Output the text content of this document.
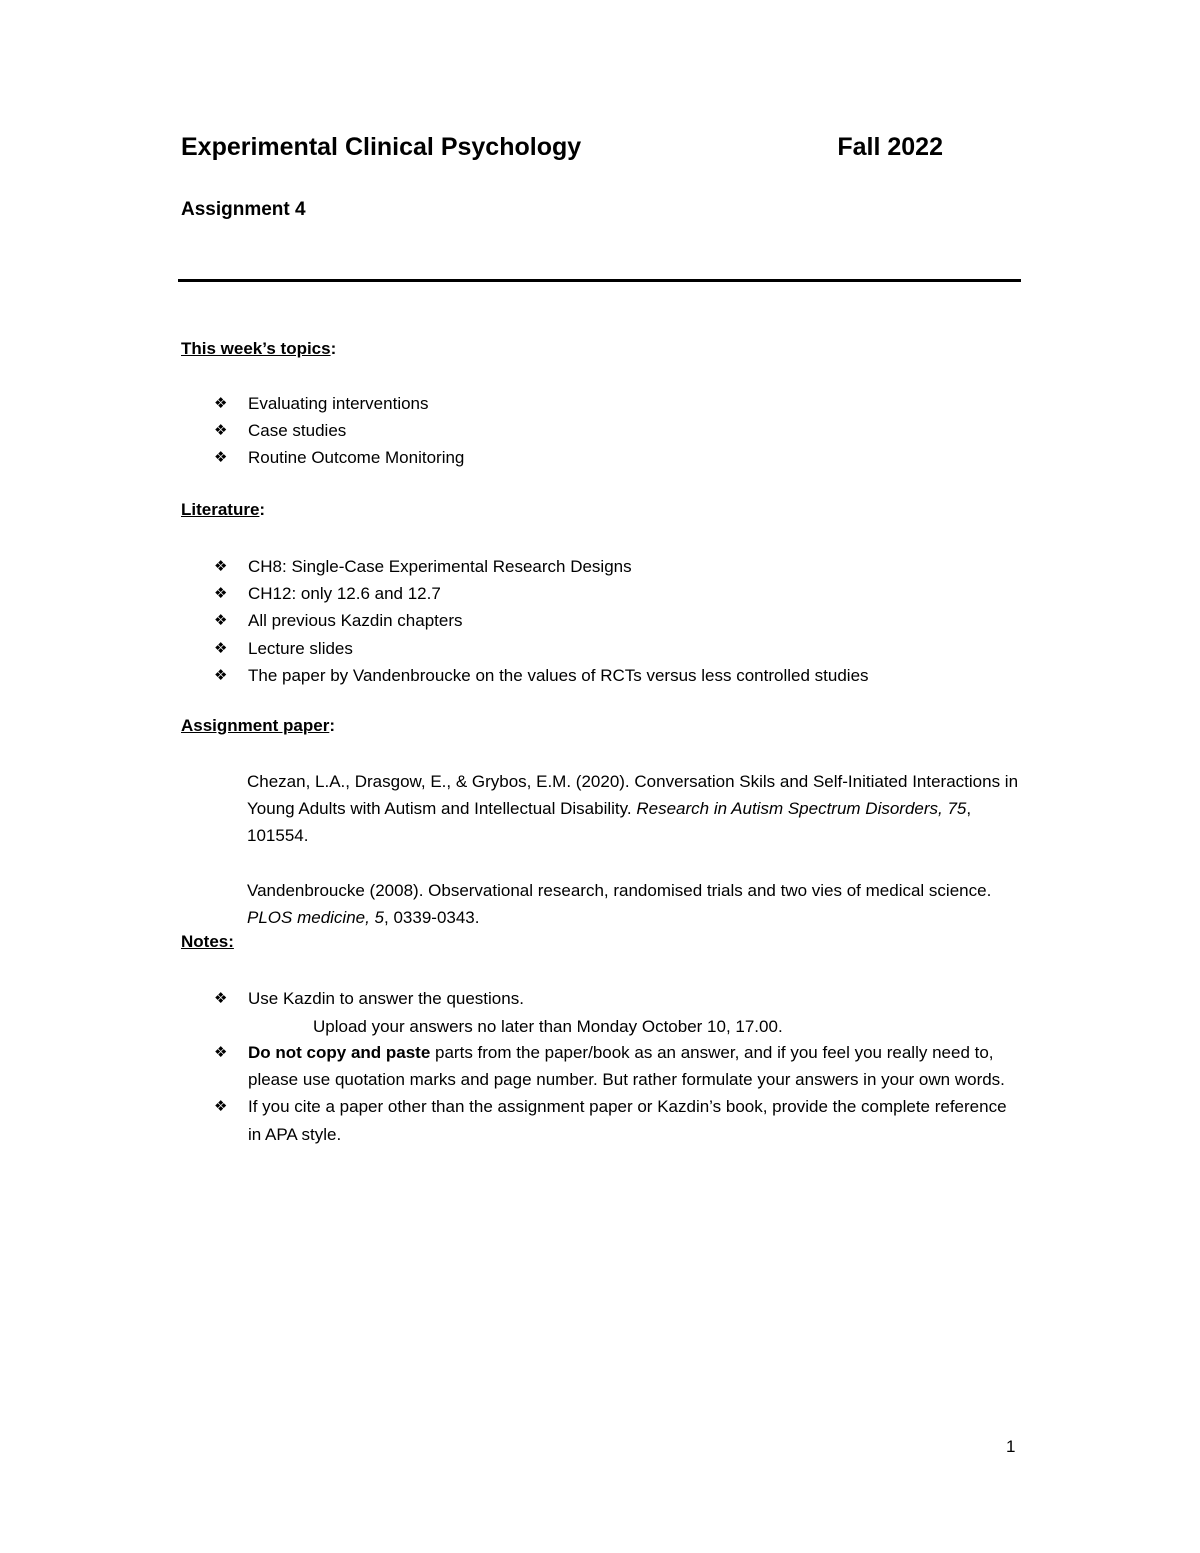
Experimental Clinical Psychology	Fall 2022
Assignment 4
This week’s topics:
❖ Evaluating interventions
❖ Case studies
❖ Routine Outcome Monitoring
Literature:
❖ CH8: Single-Case Experimental Research Designs
❖ CH12: only 12.6 and 12.7
❖ All previous Kazdin chapters
❖ Lecture slides
❖ The paper by Vandenbroucke on the values of RCTs versus less controlled studies
Assignment paper:
Chezan, L.A., Drasgow, E., & Grybos, E.M. (2020). Conversation Skils and Self-Initiated Interactions in Young Adults with Autism and Intellectual Disability. Research in Autism Spectrum Disorders, 75, 101554.
Vandenbroucke (2008). Observational research, randomised trials and two vies of medical science. PLOS medicine, 5, 0339-0343.
Notes:
❖ Use Kazdin to answer the questions.
Upload your answers no later than Monday October 10, 17.00.
❖ Do not copy and paste parts from the paper/book as an answer, and if you feel you really need to, please use quotation marks and page number. But rather formulate your answers in your own words.
❖ If you cite a paper other than the assignment paper or Kazdin’s book, provide the complete reference in APA style.
1
